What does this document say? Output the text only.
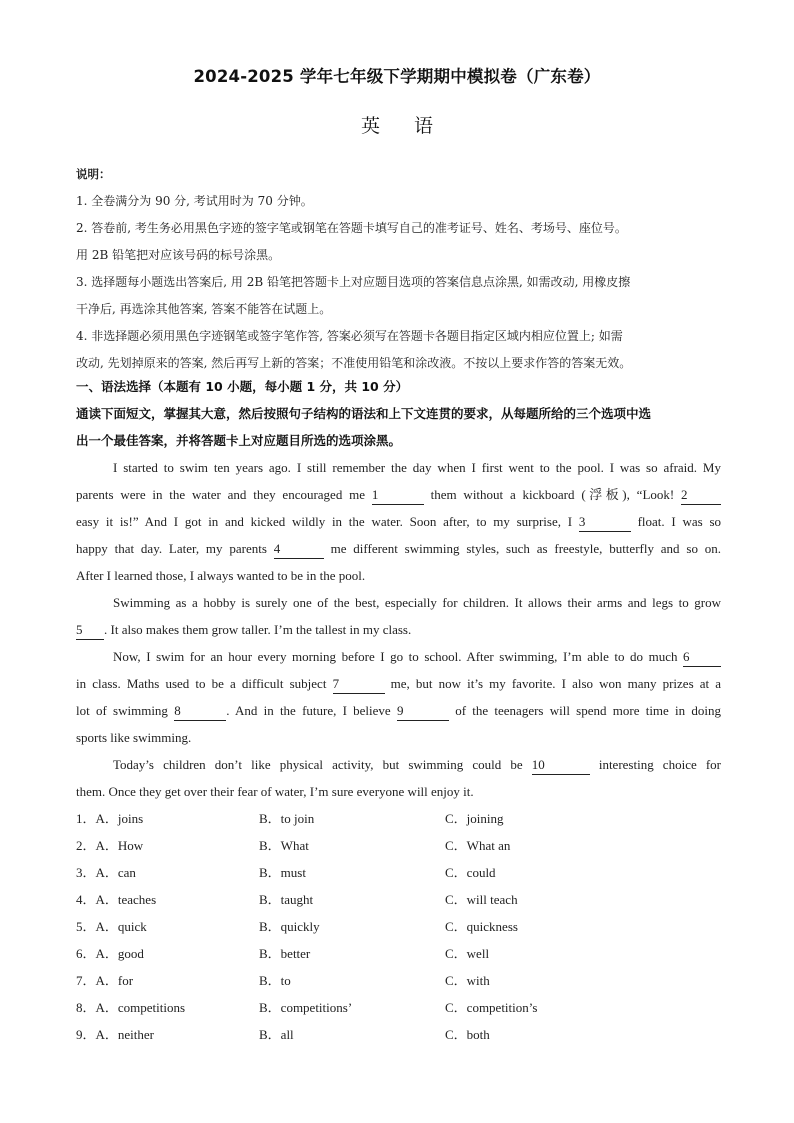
2024-2025 学年七年级下学期期中模拟卷（广东卷）
英 语
说明：
1. 全卷满分为 90 分, 考试用时为 70 分钟。
2. 答卷前, 考生务必用黑色字迹的签字笔或钢笔在答题卡填写自己的准考证号、姓名、考场号、座位号。
用 2B 铅笔把对应该号码的标号涂黑。
3. 选择题每小题选出答案后, 用 2B 铅笔把答题卡上对应题目选项的答案信息点涂黑, 如需改动, 用橡皮擦
干净后, 再选涂其他答案, 答案不能答在试题上。
4. 非选择题必须用黑色字迹钢笔或签字笔作答, 答案必须写在答题卡各题目指定区域内相应位置上; 如需
改动, 先划掉原来的答案, 然后再写上新的答案；不准使用铅笔和涂改液。不按以上要求作答的答案无效。
一、语法选择（本题有 10 小题，每小题 1 分，共 10 分）
通读下面短文，掌握其大意，然后按照句子结构的语法和上下文连贯的要求，从每题所给的三个选项中选
出一个最佳答案，并将答题卡上对应题目所选的选项涂黑。
I started to swim ten years ago. I still remember the day when I first went to the pool. I was so afraid. My
parents were in the water and they encouraged me 1	them without a kickboard (浮板), “Look! 2
easy it is!” And I got in and kicked wildly in the water. Soon after, to my surprise, I 3	float. I was so
happy that day. Later, my parents 4	me different swimming styles, such as freestyle, butterfly and so on.
After I learned those, I always wanted to be in the pool.
Swimming as a hobby is surely one of the best, especially for children. It allows their arms and legs to grow
5 . It also makes them grow taller. I’m the tallest in my class.
Now, I swim for an hour every morning before I go to school. After swimming, I’m able to do much 6
in class. Maths used to be a difficult subject 7	me, but now it’s my favorite. I also won many prizes at a
lot of swimming 8	. And in the future, I believe 9	of the teenagers will spend more time in doing
sports like swimming.
Today’s children don’t like physical activity, but swimming could be 10	interesting choice for
them. Once they get over their fear of water, I’m sure everyone will enjoy it.
1．A．joins	B．to join	C．joining
2．A．How	B．What	C．What an
3．A．can	B．must	C．could
4．A．teaches	B．taught	C．will teach
5．A．quick	B．quickly	C．quickness
6．A．good	B．better	C．well
7．A．for	B．to	C．with
8．A．competitions	B．competitions’	C．competition’s
9．A．neither	B．all	C．both
